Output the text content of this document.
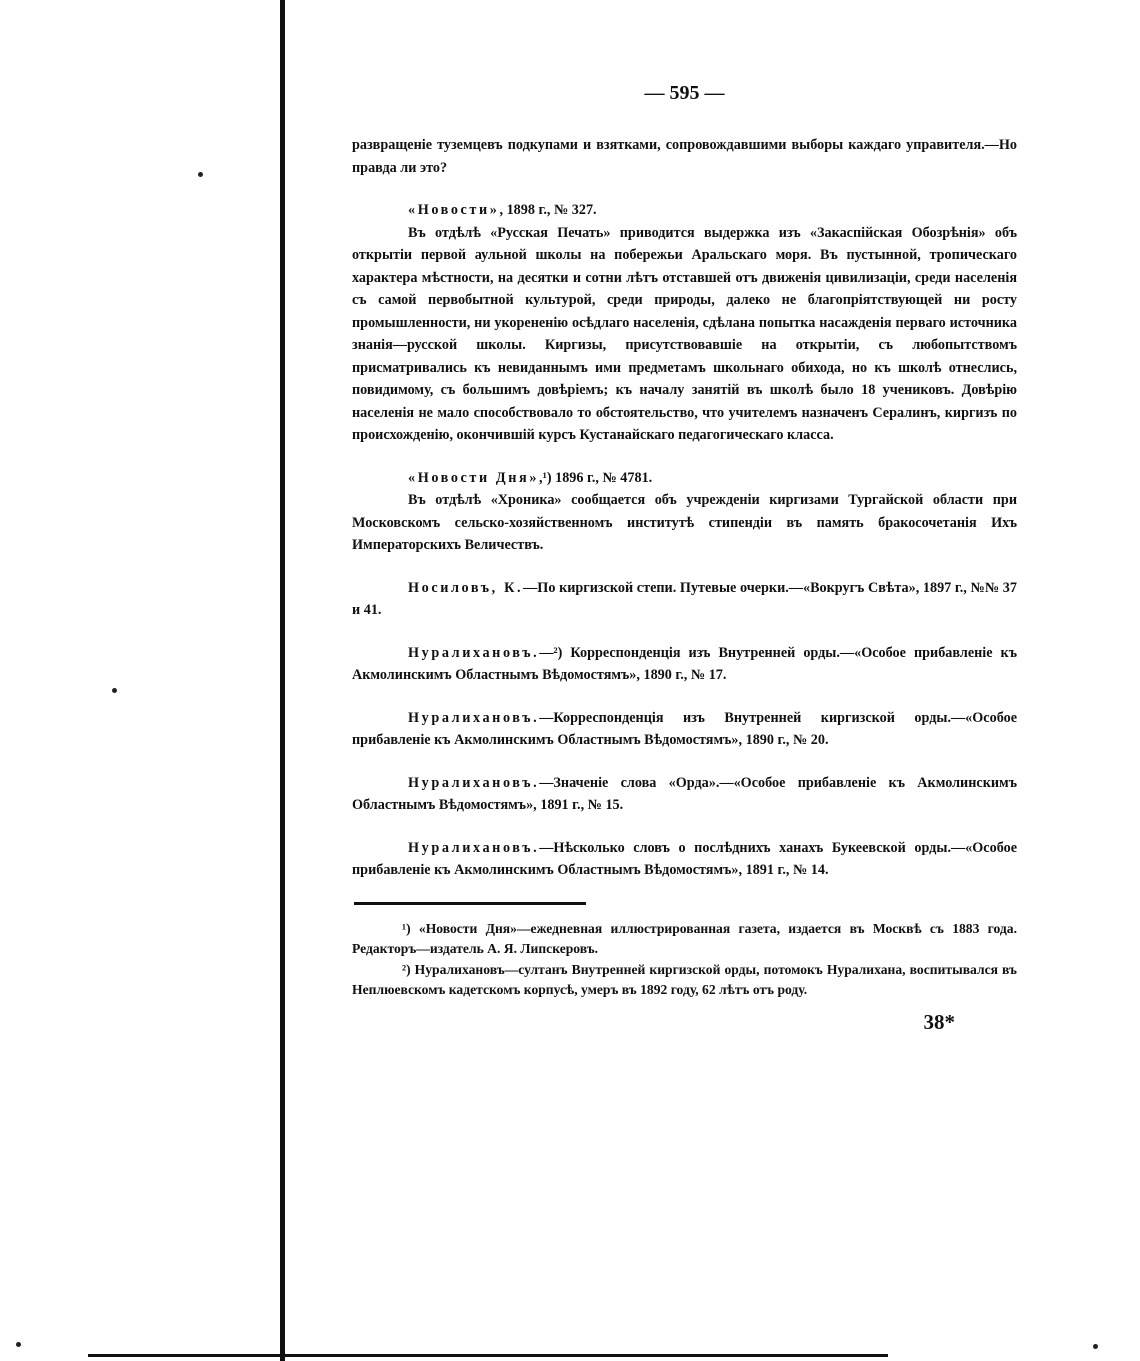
— 595 —

развращеніе туземцевъ подкупами и взятками, сопровождавшими выборы каждаго управителя.—Но правда ли это?

«Новости», 1898 г., № 327.

Въ отдѣлѣ «Русская Печать» приводится выдержка изъ «Закаспійская Обозрѣнія» объ открытіи первой аульной школы на побережьи Аральскаго моря. Въ пустынной, тропическаго характера мѣстности, на десятки и сотни лѣтъ отставшей отъ движенія цивилизаціи, среди населенія съ самой первобытной культурой, среди природы, далеко не благопріятствующей ни росту промышленности, ни укорененію осѣдлаго населенія, сдѣлана попытка насажденія перваго источника знанія—русской школы. Киргизы, присутствовавшіе на открытіи, съ любопытствомъ присматривались къ невиданнымъ ими предметамъ школьнаго обихода, но къ школѣ отнеслись, повидимому, съ большимъ довѣріемъ; къ началу занятій въ школѣ было 18 учениковъ. Довѣрію населенія не мало способствовало то обстоятельство, что учителемъ назначенъ Сералинъ, киргизъ по происхожденію, окончившій курсъ Кустанайскаго педагогическаго класса.

«Новости Дня»,¹) 1896 г., № 4781.

Въ отдѣлѣ «Хроника» сообщается объ учрежденіи киргизами Тургайской области при Московскомъ сельско-хозяйственномъ институтѣ стипендіи въ память бракосочетанія Ихъ Императорскихъ Величествъ.

Носиловъ, К.—По киргизской степи. Путевые очерки.—«Вокругъ Свѣта», 1897 г., №№ 37 и 41.

Нуралихановъ.—²) Корреспонденція изъ Внутренней орды.—«Особое прибавленіе къ Акмолинскимъ Областнымъ Вѣдомостямъ», 1890 г., № 17.

Нуралихановъ.—Корреспонденція изъ Внутренней киргизской орды.—«Особое прибавленіе къ Акмолинскимъ Областнымъ Вѣдомостямъ», 1890 г., № 20.

Нуралихановъ.—Значеніе слова «Орда».—«Особое прибавленіе къ Акмолинскимъ Областнымъ Вѣдомостямъ», 1891 г., № 15.

Нуралихановъ.—Нѣсколько словъ о послѣднихъ ханахъ Букеевской орды.—«Особое прибавленіе къ Акмолинскимъ Областнымъ Вѣдомостямъ», 1891 г., № 14.

¹) «Новости Дня»—ежедневная иллюстрированная газета, издается въ Москвѣ съ 1883 года. Редакторъ—издатель А. Я. Липскеровъ.

²) Нуралихановъ—султанъ Внутренней киргизской орды, потомокъ Нуралихана, воспитывался въ Неплюевскомъ кадетскомъ корпусѣ, умеръ въ 1892 году, 62 лѣтъ отъ роду.

38*
